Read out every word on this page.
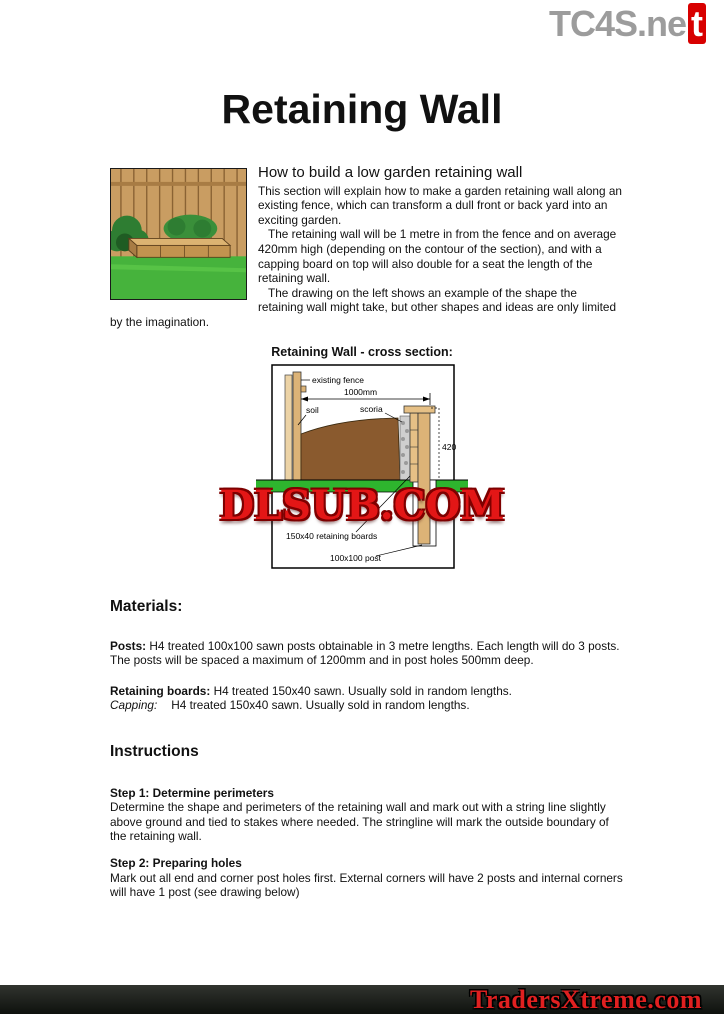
TC4S.ne t
Retaining Wall
How to build a low garden retaining wall

This section will explain how to make a garden retaining wall along an existing fence, which can transform a dull front or back yard into an exciting garden.

The retaining wall will be 1 metre in from the fence and on average 420mm high (depending on the contour of the section), and with a capping board on top will also double for a seat the length of the retaining wall.

The drawing on the left shows an example of the shape the retaining wall might take, but other shapes and ideas are only limited by the imagination.

Retaining Wall - cross section:
1000mm
420
existing fence
soil	scoria
150x40 retaining boards
100x100 post
DLSUB.COM
Materials:

Posts: H4 treated 100x100 sawn posts obtainable in 3 metre lengths. Each length will do 3 posts. The posts will be spaced a maximum of 1200mm and in post holes 500mm deep.

Retaining boards: H4 treated 150x40 sawn. Usually sold in random lengths.

Capping: H4 treated 150x40 sawn. Usually sold in random lengths.

Instructions

Step 1: Determine perimeters

Determine the shape and perimeters of the retaining wall and mark out with a string line slightly above ground and tied to stakes where needed. The stringline will mark the outside boundary of the retaining wall.

Step 2: Preparing holes

Mark out all end and corner post holes first. External corners will have 2 posts and internal corners will have 1 post (see drawing below)

TradersXtreme.com
